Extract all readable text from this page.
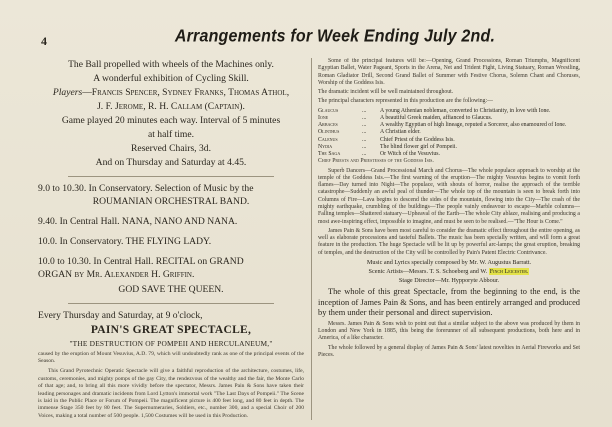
4	Arrangements for Week Ending July 2nd.

The Ball propelled with wheels of the Machines only.

A wonderful exhibition of Cycling Skill.

Players—Francis Spencer, Sydney Franks, Thomas Athol,

J. F. Jerome, R. H. Callam (Captain).

Game played 20 minutes each way. Interval of 5 minutes

at half time.

Reserved Chairs, 3d.

And on Thursday and Saturday at 4.45.

9.0 to 10.30. In Conservatory. Selection of Music by the
ROUMANIAN ORCHESTRAL BAND.
9.40. In Central Hall. NANA, NANO AND NANA.
10.0. In Conservatory. THE FLYING LADY.
10.0 to 10.30. In Central Hall. RECITAL on GRAND
ORGAN by Mr. Alexander H. Griffin.

GOD SAVE THE QUEEN.

Every Thursday and Saturday, at 9 o'clock,

PAIN'S GREAT SPECTACLE,

"THE DESTRUCTION OF POMPEII AND HERCULANEUM,"

caused by the eruption of Mount Vesuvius, A.D. 79, which will undoubtedly rank as one of the principal events of the Season.

This Grand Pyrotechnic Operatic Spectacle will give a faithful reproduction of the architecture, costumes, life, customs, ceremonies, and mighty pomps of the gay City, the rendezvous of the wealthy and the fair, the Monte Carlo of that age; and, to bring all this more vividly before the spectator, Messrs. James Pain & Sons have taken their leading personages and dramatic incidents from Lord Lytton's immortal work "The Last Days of Pompeii." The Scene is laid in the Public Place or Forum of Pompeii. The magnificent picture is 400 feet long, and 80 feet in depth. The immense Stage 350 feet by 80 feet. The Supernumeraries, Soldiers, etc., number 300, and a special Choir of 200 Voices, making a total number of 500 people. 1,500 Costumes will be used in this Production.

Some of the principal features will be:—Opening, Grand Processions, Roman Triumphs, Magnificent Egyptian Ballet, Water Pageant, Sports in the Arena, Net and Trident Fight, Living Statuary, Roman Wrestling, Roman Gladiator Drill, Second Grand Ballet of Summer with Festive Chorus, Solemn Chant and Choruses, Worship of the Goddess Isis.

The dramatic incident will be well maintained throughout.

The principal characters represented in this production are the following:—

Glaucus	...	A young Athenian nobleman, converted to Christianity, in love with Ione.
Ione	...	A beautiful Greek maiden, affianced to Glaucus.
Arbaces	...	A wealthy Egyptian of high lineage, reputed a Sorcerer, also enamoured of Ione.
Olinthus	...	A Christian elder.
Calenus	...	Chief Priest of the Goddess Isis.
Nydia	...	The blind flower girl of Pompeii.
The Saga	...	Or Witch of the Vesuvius.

Chief Priests and Priestesses of the Goddess Isis.

Superb Dancers—Grand Processional March and Chorus—The whole populace approach to worship at the temple of the Goddess Isis.—The first warning of the eruption—The mighty Vesuvius begins to vomit forth flames—Day turned into Night—The populace, with shouts of horror, realise the approach of the terrible catastrophe—Suddenly an awful peal of thunder—The whole top of the mountain is seen to break forth into Columns of Fire—Lava begins to descend the sides of the mountain, flowing into the City—The crash of the mighty earthquake, crumbling of the buildings—The people vainly endeavour to escape—Marble columns—Falling temples—Shattered statuary—Upheaval of the Earth—The whole City ablaze, realising and producing a most awe-inspiring effect, impossible to imagine, and must be seen to be realised.—"The Hour is Come."

James Pain & Sons have been most careful to consider the dramatic effect throughout the entire opening, as well as elaborate processions and tasteful Ballets. The music has been specially written, and will form a great feature in the production. The huge Spectacle will be lit up by powerful arc-lamps; the great eruption, breaking of temples, and the destruction of the City will be controlled by Pain's Patent Electric Contrivance.

Music and Lyrics specially composed by Mr. W. Augustus Barratt.

Scenic Artists—Messrs. T. S. Schoeberg and W. Finch Leicester.

Stage Director—Mr. Hypporyte Abbour.

The whole of this great Spectacle, from the beginning to the end, is the inception of James Pain & Sons, and has been entirely arranged and produced by them under their personal and direct supervision.

Messrs. James Pain & Sons wish to point out that a similar subject to the above was produced by them in London and New York in 1885, this being the forerunner of all subsequent productions, both here and in America, of a like character.

The whole followed by a general display of James Pain & Sons' latest novelties in Aerial Fireworks and Set Pieces.
